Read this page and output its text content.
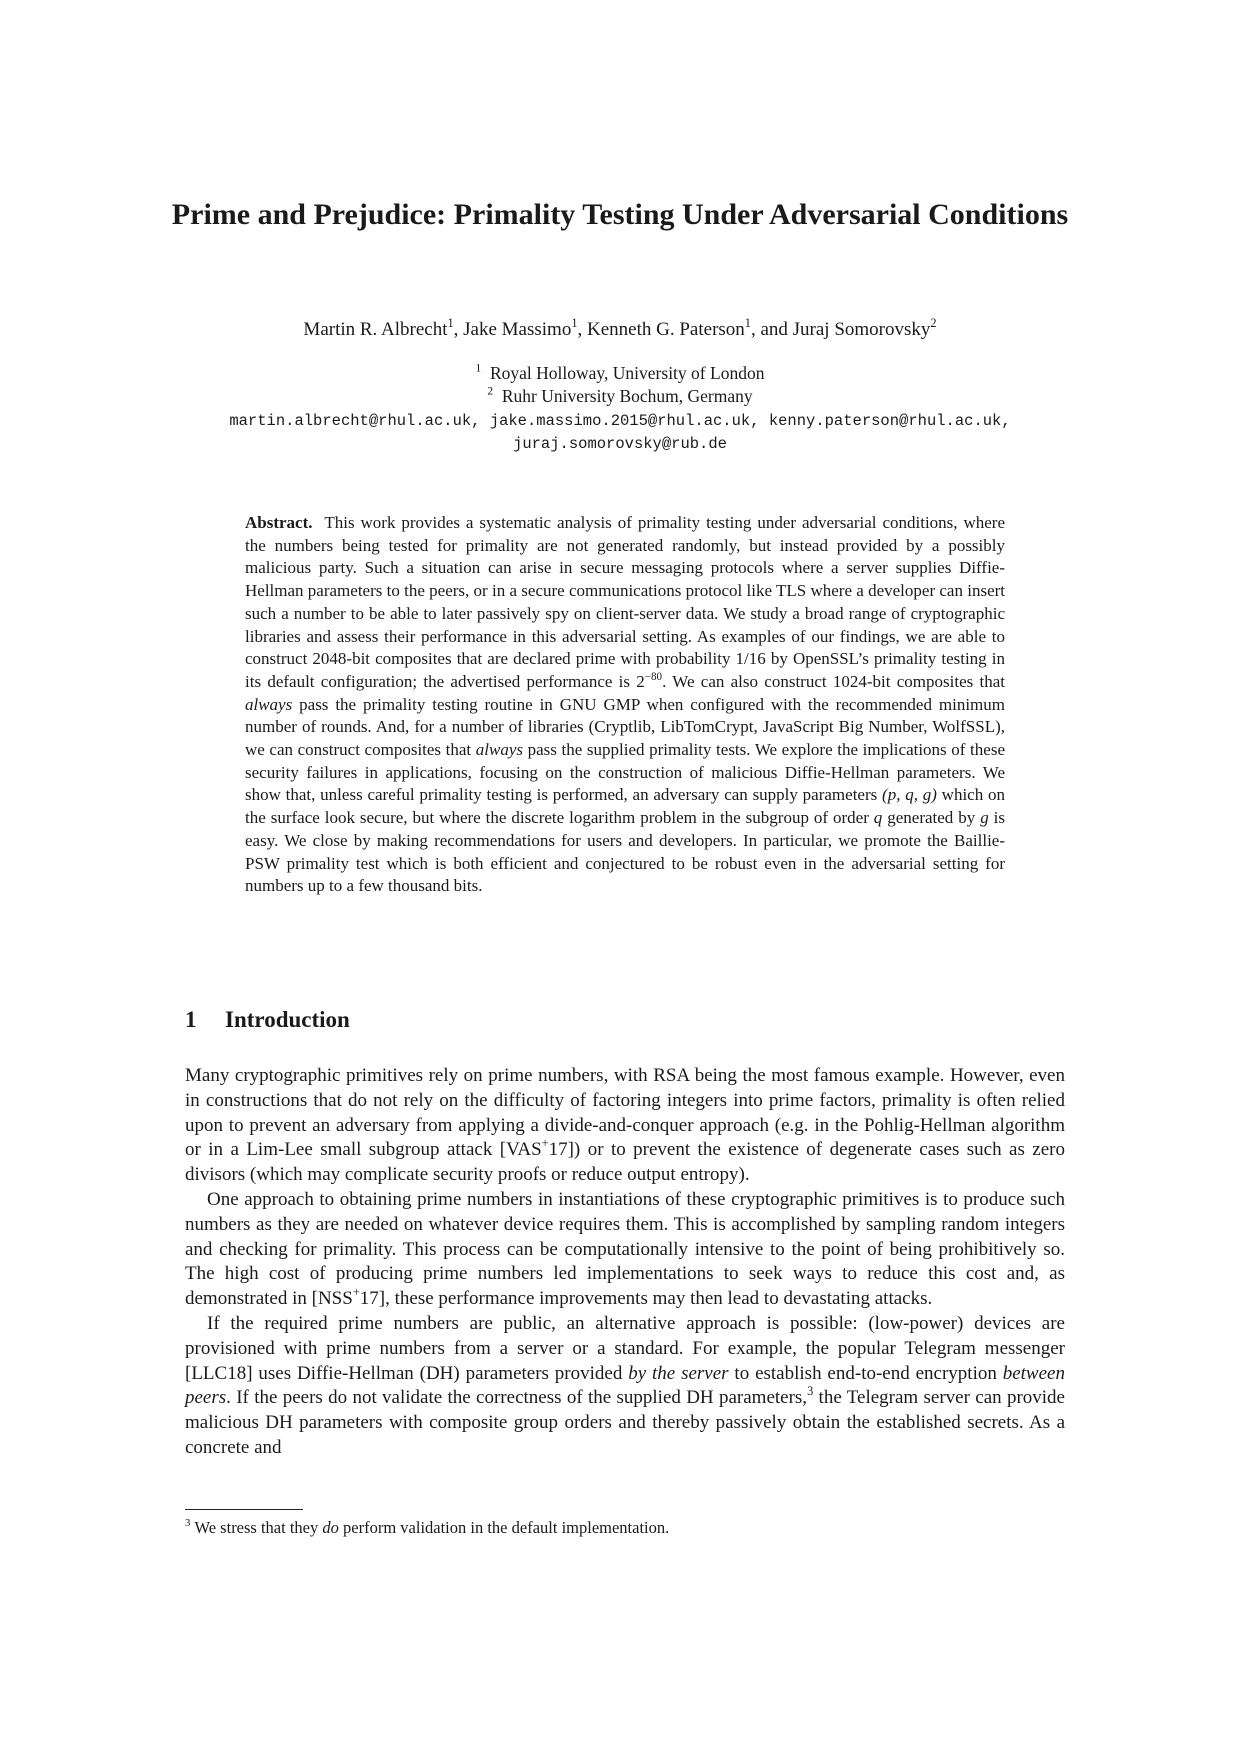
Prime and Prejudice: Primality Testing Under Adversarial Conditions
Martin R. Albrecht$^1$, Jake Massimo$^1$, Kenneth G. Paterson$^1$, and Juraj Somorovsky$^2$
$^1$ Royal Holloway, University of London
$^2$ Ruhr University Bochum, Germany
martin.albrecht@rhul.ac.uk, jake.massimo.2015@rhul.ac.uk, kenny.paterson@rhul.ac.uk,
juraj.somorovsky@rub.de

Abstract. This work provides a systematic analysis of primality testing under adversarial conditions, where the numbers being tested for primality are not generated randomly, but instead provided by a possibly malicious party. Such a situation can arise in secure messaging protocols where a server supplies Diffie-Hellman parameters to the peers, or in a secure communications protocol like TLS where a developer can insert such a number to be able to later passively spy on client-server data. We study a broad range of cryptographic libraries and assess their performance in this adversarial setting. As examples of our findings, we are able to construct 2048-bit composites that are declared prime with probability 1/16 by OpenSSL’s primality testing in its default configuration; the advertised performance is $2^{-80}$. We can also construct 1024-bit composites that always pass the primality testing routine in GNU GMP when configured with the recommended minimum number of rounds. And, for a number of libraries (Cryptlib, LibTomCrypt, JavaScript Big Number, WolfSSL), we can construct composites that always pass the supplied primality tests. We explore the implications of these security failures in applications, focusing on the construction of malicious Diffie-Hellman parameters. We show that, unless careful primality testing is performed, an adversary can supply parameters (p, q, g) which on the surface look secure, but where the discrete logarithm problem in the subgroup of order q generated by g is easy. We close by making recommendations for users and developers. In particular, we promote the Baillie-PSW primality test which is both efficient and conjectured to be robust even in the adversarial setting for numbers up to a few thousand bits.

1 Introduction

Many cryptographic primitives rely on prime numbers, with RSA being the most famous example. However, even in constructions that do not rely on the difficulty of factoring integers into prime factors, primality is often relied upon to prevent an adversary from applying a divide-and-conquer approach (e.g. in the Pohlig-Hellman algorithm or in a Lim-Lee small subgroup attack [VAS+17]) or to prevent the existence of degenerate cases such as zero divisors (which may complicate security proofs or reduce output entropy).

One approach to obtaining prime numbers in instantiations of these cryptographic primitives is to produce such numbers as they are needed on whatever device requires them. This is accomplished by sampling random integers and checking for primality. This process can be computationally intensive to the point of being prohibitively so. The high cost of producing prime numbers led implementations to seek ways to reduce this cost and, as demonstrated in [NSS+17], these performance improvements may then lead to devastating attacks.

If the required prime numbers are public, an alternative approach is possible: (low-power) devices are provisioned with prime numbers from a server or a standard. For example, the popular Telegram messenger [LLC18] uses Diffie-Hellman (DH) parameters provided by the server to establish end-to-end encryption between peers. If the peers do not validate the correctness of the supplied DH parameters,$^3$ the Telegram server can provide malicious DH parameters with composite group orders and thereby passively obtain the established secrets. As a concrete and

$^3$ We stress that they do perform validation in the default implementation.
